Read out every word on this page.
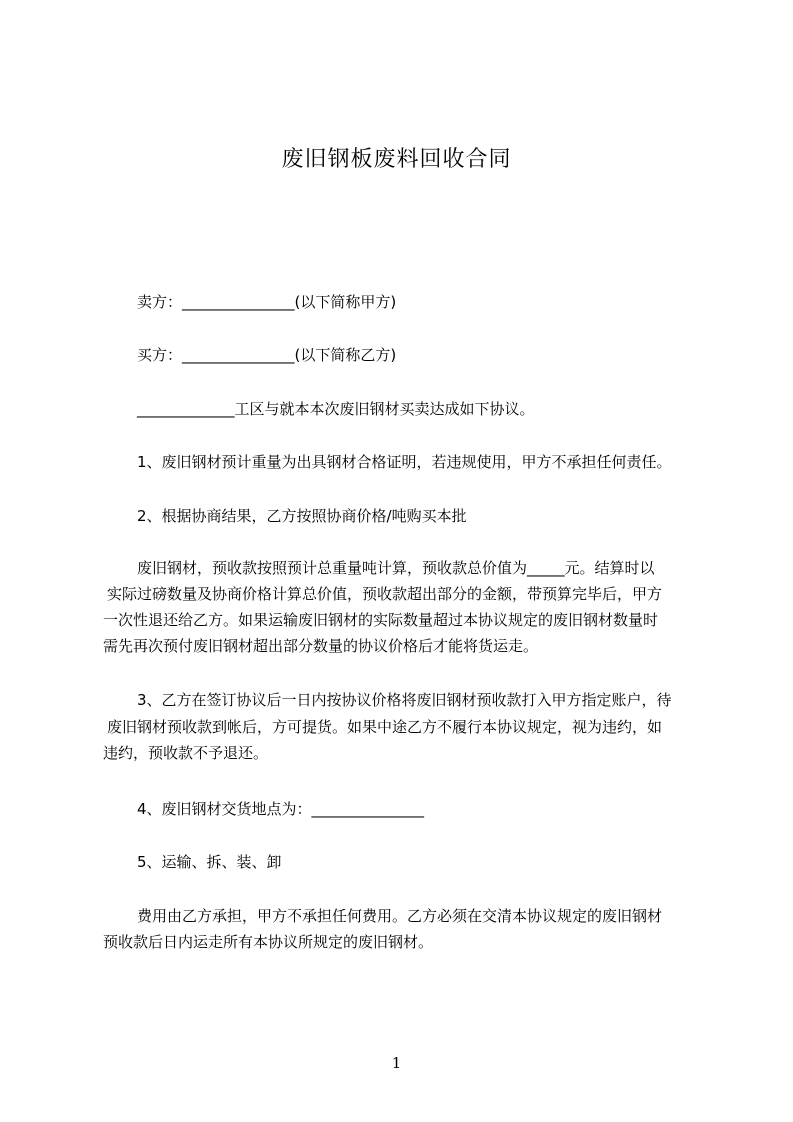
废旧钢板废料回收合同
卖方：_______________(以下简称甲方)
买方：_______________(以下简称乙方)
_____________工区与就本本次废旧钢材买卖达成如下协议。
1、废旧钢材预计重量为出具钢材合格证明，若违规使用，甲方不承担任何责任。
2、根据协商结果，乙方按照协商价格/吨购买本批
废旧钢材，预收款按照预计总重量吨计算，预收款总价值为_____元。结算时以
实际过磅数量及协商价格计算总价值，预收款超出部分的金额，带预算完毕后，甲方
一次性退还给乙方。如果运输废旧钢材的实际数量超过本协议规定的废旧钢材数量时
需先再次预付废旧钢材超出部分数量的协议价格后才能将货运走。
3、乙方在签订协议后一日内按协议价格将废旧钢材预收款打入甲方指定账户，待
废旧钢材预收款到帐后，方可提货。如果中途乙方不履行本协议规定，视为违约，如
违约，预收款不予退还。
4、废旧钢材交货地点为：_______________
5、运输、拆、装、卸
费用由乙方承担，甲方不承担任何费用。乙方必须在交清本协议规定的废旧钢材
预收款后日内运走所有本协议所规定的废旧钢材。
1
